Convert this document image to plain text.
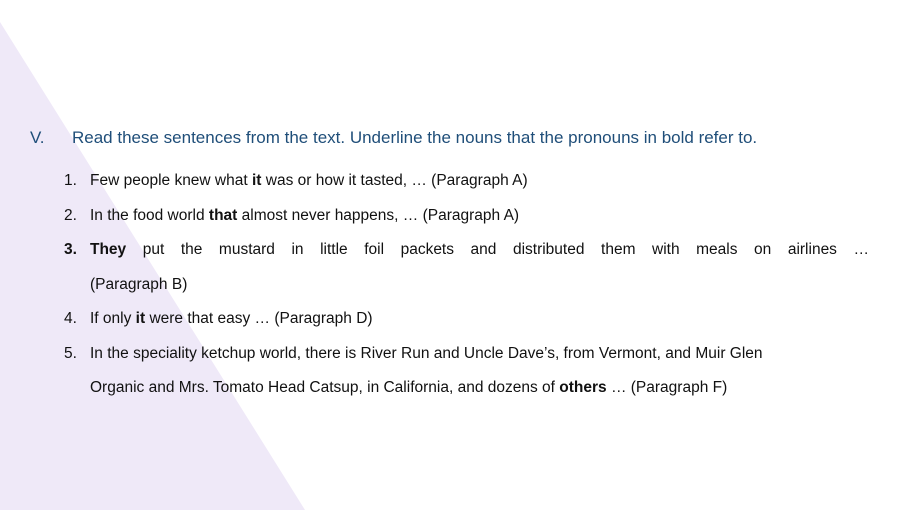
V. Read these sentences from the text. Underline the nouns that the pronouns in bold refer to.
1. Few people knew what it was or how it tasted, … (Paragraph A)
2. In the food world that almost never happens, … (Paragraph A)
3. They put the mustard in little foil packets and distributed them with meals on airlines …
(Paragraph B)
4. If only it were that easy … (Paragraph D)
5. In the speciality ketchup world, there is River Run and Uncle Dave’s, from Vermont, and Muir Glen
Organic and Mrs. Tomato Head Catsup, in California, and dozens of others … (Paragraph F)
